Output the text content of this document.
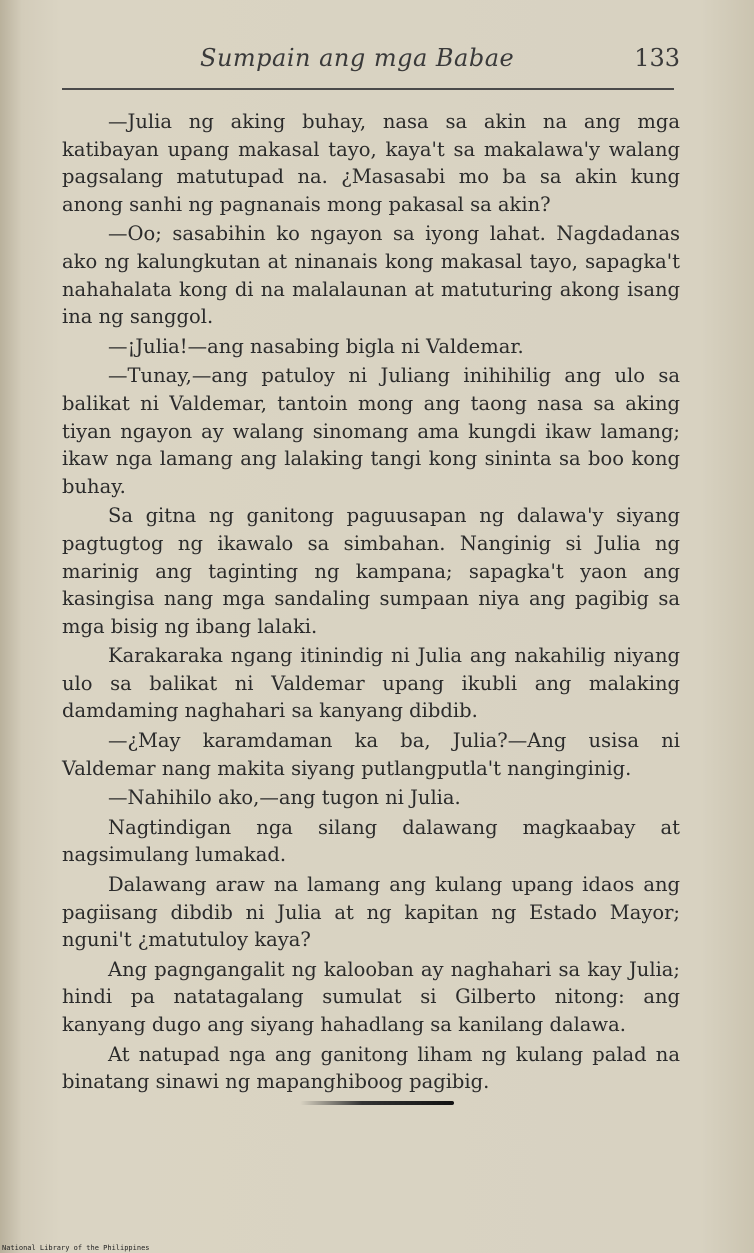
Sumpain ang mga Babae	133

—Julia ng aking buhay, nasa sa akin na ang mga katibayan upang makasal tayo, kaya't sa makalawa'y walang pagsalang matutupad na. ¿Masasabi mo ba sa akin kung anong sanhi ng pagnanais mong pakasal sa akin?

—Oo; sasabihin ko ngayon sa iyong lahat. Nagdadanas ako ng kalungkutan at ninanais kong makasal tayo, sapagka't nahahalata kong di na malalaunan at matuturing akong isang ina ng sanggol.

—¡Julia!—ang nasabing bigla ni Valdemar.

—Tunay,—ang patuloy ni Juliang inihihilig ang ulo sa balikat ni Valdemar, tantoin mong ang taong nasa sa aking tiyan ngayon ay walang sinomang ama kungdi ikaw lamang; ikaw nga lamang ang lalaking tangi kong sininta sa boo kong buhay.

Sa gitna ng ganitong paguusapan ng dalawa'y siyang pagtugtog ng ikawalo sa simbahan. Nanginig si Julia ng marinig ang taginting ng kampana; sapagka't yaon ang kasingisa nang mga sandaling sumpaan niya ang pagibig sa mga bisig ng ibang lalaki.

Karakaraka ngang itinindig ni Julia ang nakahilig niyang ulo sa balikat ni Valdemar upang ikubli ang malaking damdaming naghahari sa kanyang dibdib.

—¿May karamdaman ka ba, Julia?—Ang usisa ni Valdemar nang makita siyang putlangputla't nanginginig.

—Nahihilo ako,—ang tugon ni Julia.

Nagtindigan nga silang dalawang magkaabay at nagsimulang lumakad.

Dalawang araw na lamang ang kulang upang idaos ang pagiisang dibdib ni Julia at ng kapitan ng Estado Mayor; nguni't ¿matutuloy kaya?

Ang pagngangalit ng kalooban ay naghahari sa kay Julia; hindi pa natatagalang sumulat si Gilberto nitong: ang kanyang dugo ang siyang hahadlang sa kanilang dalawa.

At natupad nga ang ganitong liham ng kulang palad na binatang sinawi ng mapanghiboog pagibig.

National Library of the Philippines
